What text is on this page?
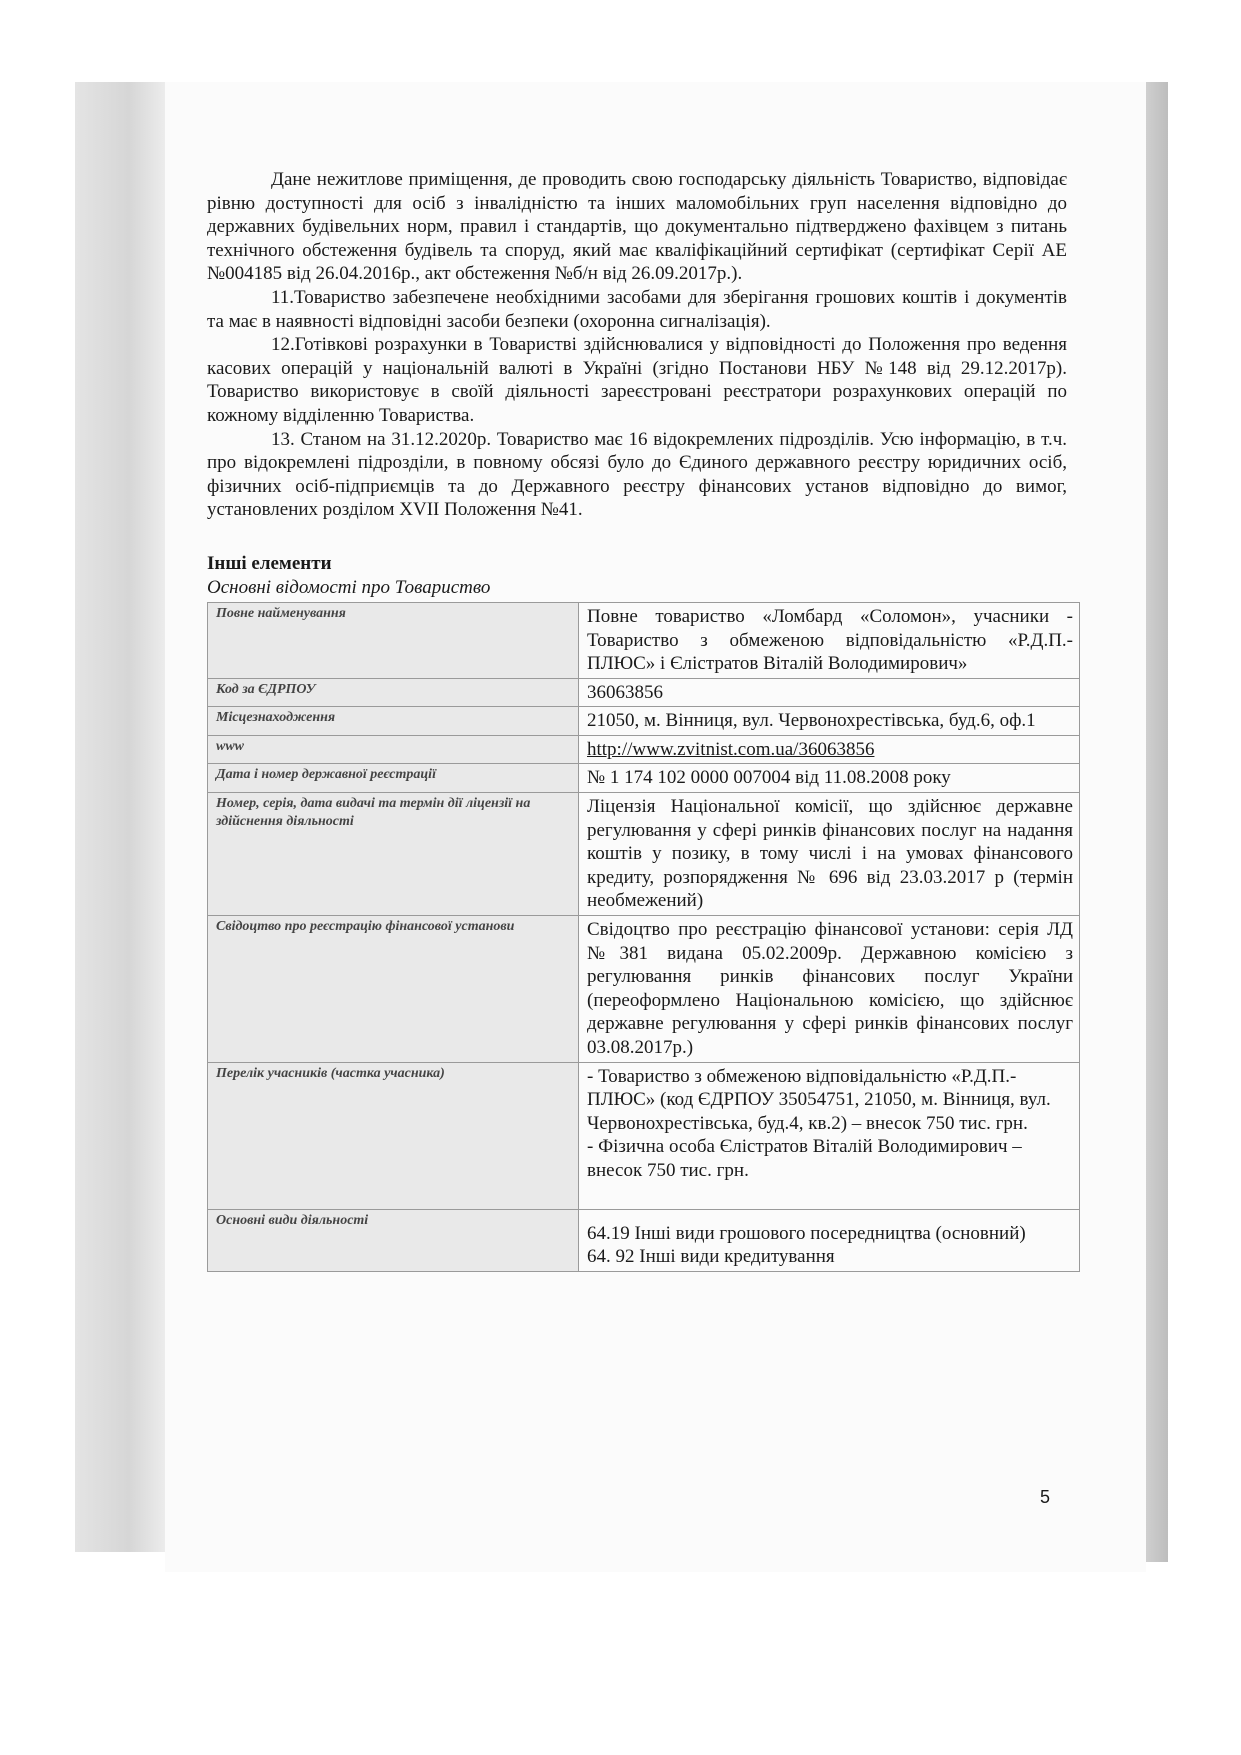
Дане нежитлове приміщення, де проводить свою господарську діяльність Товариство, відповідає рівню доступності для осіб з інвалідністю та інших маломобільних груп населення відповідно до державних будівельних норм, правил і стандартів, що документально підтверджено фахівцем з питань технічного обстеження будівель та споруд, який має кваліфікаційний сертифікат (сертифікат Серії АЕ №004185 від 26.04.2016р., акт обстеження №б/н від 26.09.2017р.).

11.Товариство забезпечене необхідними засобами для зберігання грошових коштів і документів та має в наявності відповідні засоби безпеки (охоронна сигналізація).

12.Готівкові розрахунки в Товаристві здійснювалися у відповідності до Положення про ведення касових операцій у національній валюті в Україні (згідно Постанови НБУ №148 від 29.12.2017р). Товариство використовує в своїй діяльності зареєстровані реєстратори розрахункових операцій по кожному відділенню Товариства.

13. Станом на 31.12.2020р. Товариство має 16 відокремлених підрозділів. Усю інформацію, в т.ч. про відокремлені підрозділи, в повному обсязі було до Єдиного державного реєстру юридичних осіб, фізичних осіб-підприємців та до Державного реєстру фінансових установ відповідно до вимог, установлених розділом XVII Положення №41.

Інші елементи
Основні відомості про Товариство
Повне найменування	Повне товариство «Ломбард «Соломон», учасники - Товариство з обмеженою відповідальністю «Р.Д.П.-ПЛЮС» і Єлістратов Віталій Володимирович»
Код за ЄДРПОУ	36063856
Місцезнаходження	21050, м. Вінниця, вул. Червонохрестівська, буд.6, оф.1
www	http://www.zvitnist.com.ua/36063856
Дата і номер державної реєстрації	№ 1 174 102 0000 007004 від 11.08.2008 року
Номер, серія, дата видачі та термін дії ліцензії на здійснення діяльності	Ліцензія Національної комісії, що здійснює державне регулювання у сфері ринків фінансових послуг на надання коштів у позику, в тому числі і на умовах фінансового кредиту, розпорядження № 696 від 23.03.2017 р (термін необмежений)
Свідоцтво про реєстрацію фінансової установи	Свідоцтво про реєстрацію фінансової установи: серія ЛД №381 видана 05.02.2009р. Державною комісією з регулювання ринків фінансових послуг України (переоформлено Національною комісією, що здійснює державне регулювання у сфері ринків фінансових послуг 03.08.2017р.)
Перелік учасників (частка учасника)	- Товариство з обмеженою відповідальністю «Р.Д.П.-ПЛЮС» (код ЄДРПОУ 35054751, 21050, м. Вінниця, вул. Червонохрестівська, буд.4, кв.2) – внесок 750 тис. грн.
- Фізична особа Єлістратов Віталій Володимирович – внесок 750 тис. грн.

Основні види діяльності	64.19 Інші види грошового посередництва (основний)
64. 92 Інші види кредитування
5
